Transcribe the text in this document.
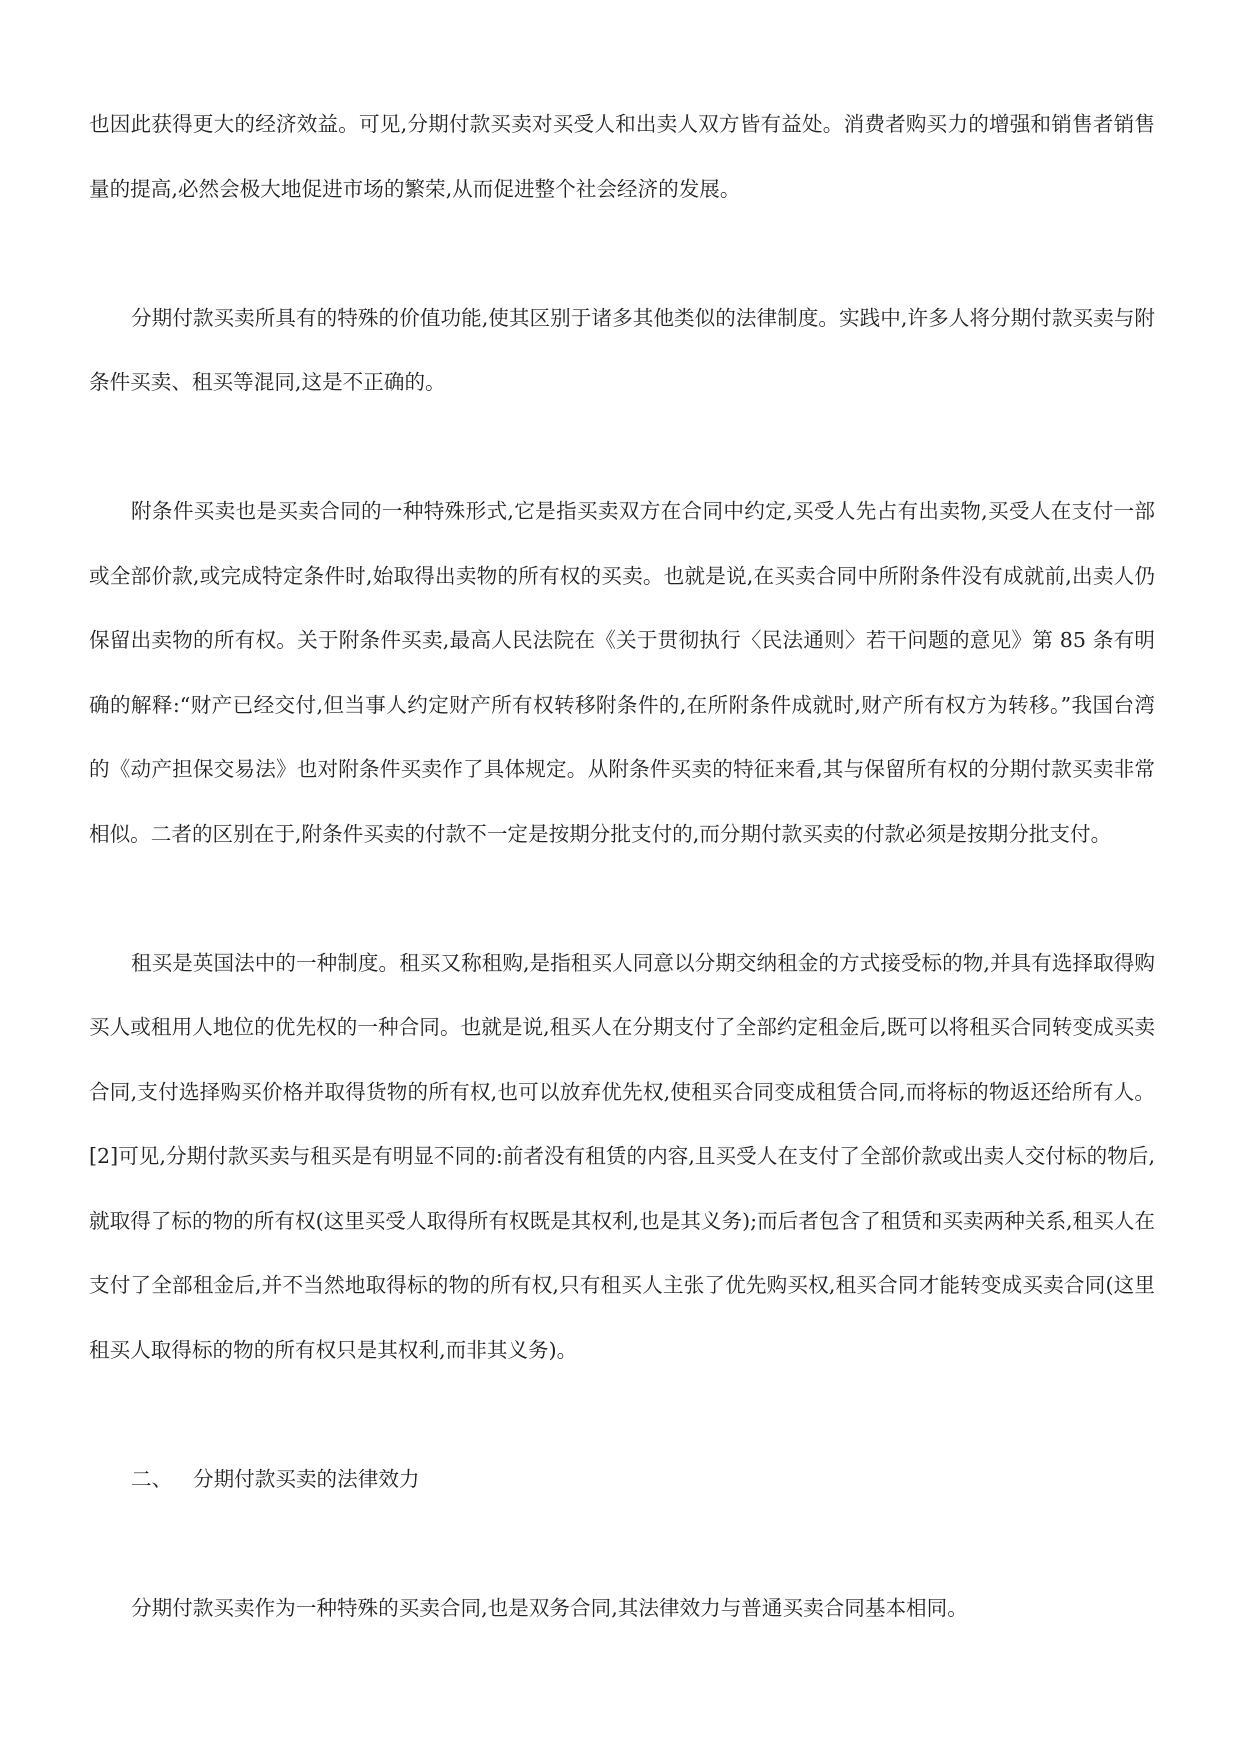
也因此获得更大的经济效益。可见,分期付款买卖对买受人和出卖人双方皆有益处。消费者购买力的增强和销售者销售量的提高,必然会极大地促进市场的繁荣,从而促进整个社会经济的发展。

分期付款买卖所具有的特殊的价值功能,使其区别于诸多其他类似的法律制度。实践中,许多人将分期付款买卖与附条件买卖、租买等混同,这是不正确的。

附条件买卖也是买卖合同的一种特殊形式,它是指买卖双方在合同中约定,买受人先占有出卖物,买受人在支付一部或全部价款,或完成特定条件时,始取得出卖物的所有权的买卖。也就是说,在买卖合同中所附条件没有成就前,出卖人仍保留出卖物的所有权。关于附条件买卖,最高人民法院在《关于贯彻执行〈民法通则〉若干问题的意见》第 85 条有明确的解释:“财产已经交付,但当事人约定财产所有权转移附条件的,在所附条件成就时,财产所有权方为转移。”我国台湾的《动产担保交易法》也对附条件买卖作了具体规定。从附条件买卖的特征来看,其与保留所有权的分期付款买卖非常相似。二者的区别在于,附条件买卖的付款不一定是按期分批支付的,而分期付款买卖的付款必须是按期分批支付。

租买是英国法中的一种制度。租买又称租购,是指租买人同意以分期交纳租金的方式接受标的物,并具有选择取得购买人或租用人地位的优先权的一种合同。也就是说,租买人在分期支付了全部约定租金后,既可以将租买合同转变成买卖合同,支付选择购买价格并取得货物的所有权,也可以放弃优先权,使租买合同变成租赁合同,而将标的物返还给所有人。 [2]可见,分期付款买卖与租买是有明显不同的:前者没有租赁的内容,且买受人在支付了全部价款或出卖人交付标的物后,就取得了标的物的所有权(这里买受人取得所有权既是其权利,也是其义务);而后者包含了租赁和买卖两种关系,租买人在支付了全部租金后,并不当然地取得标的物的所有权,只有租买人主张了优先购买权,租买合同才能转变成买卖合同(这里租买人取得标的物的所有权只是其权利,而非其义务)。

二、 分期付款买卖的法律效力

分期付款买卖作为一种特殊的买卖合同,也是双务合同,其法律效力与普通买卖合同基本相同。
